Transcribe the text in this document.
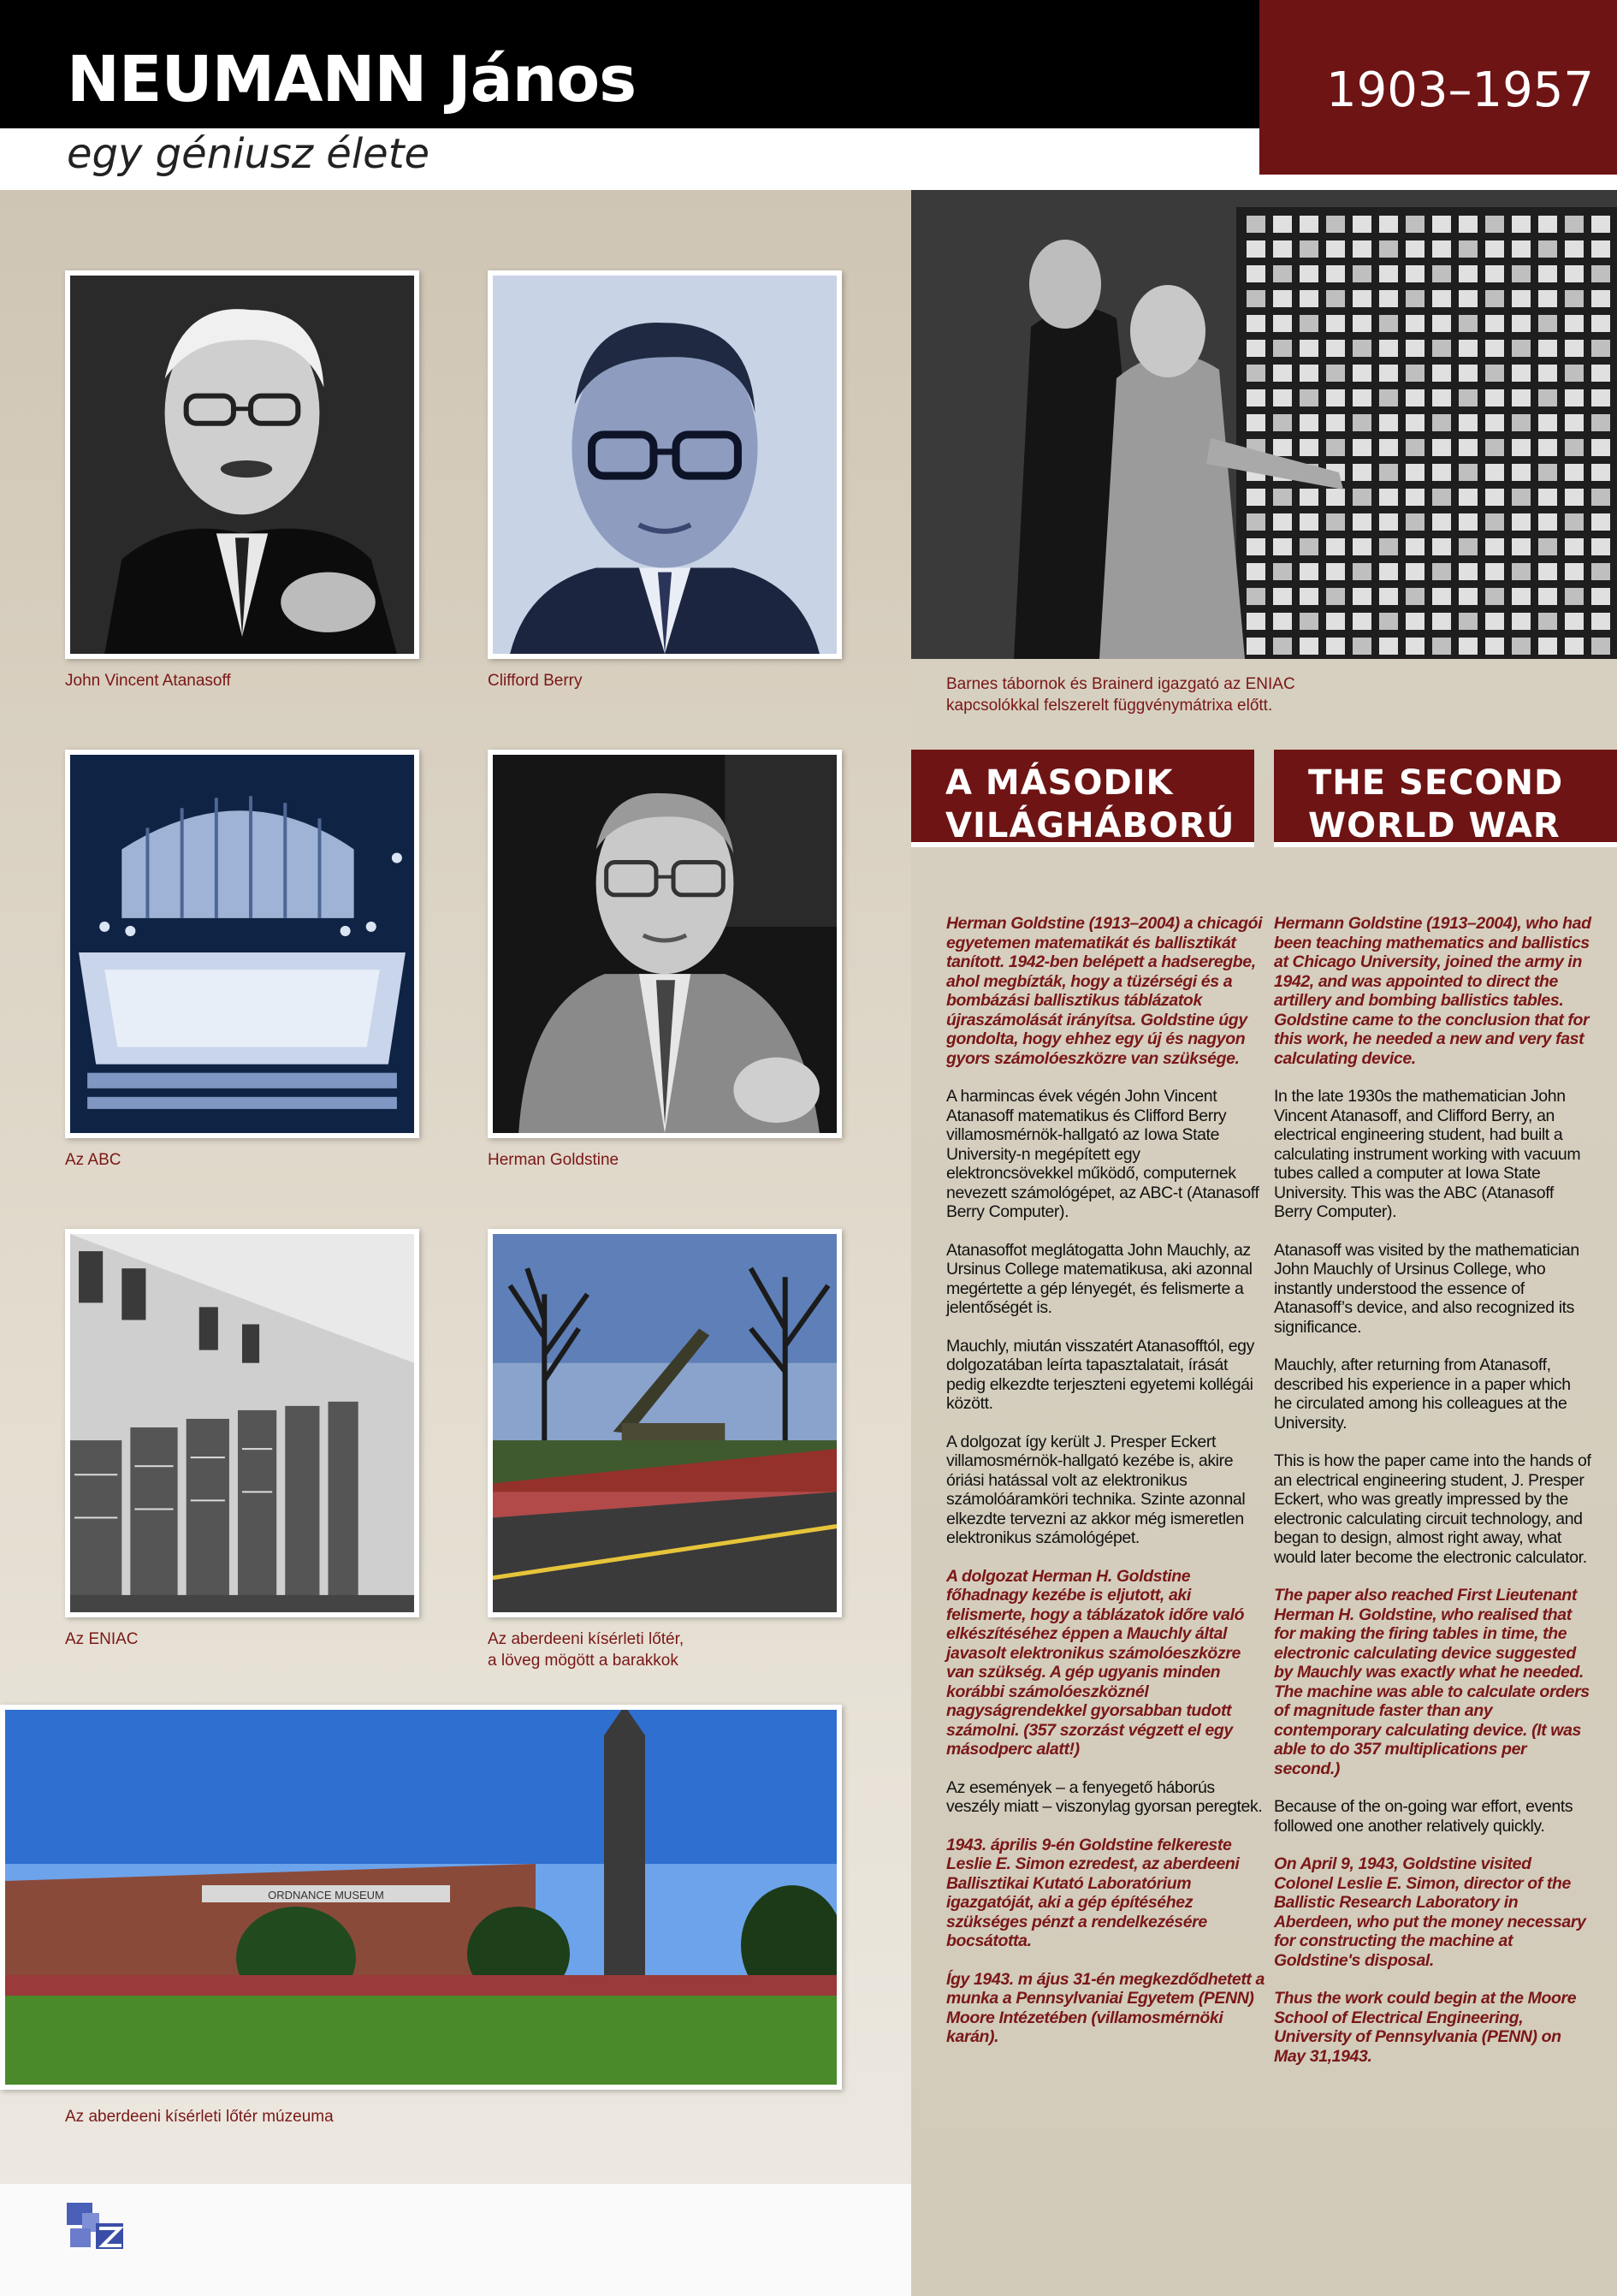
NEUMANN János

egy géniusz élete

1903–1957

John Vincent Atanasoff	Clifford Berry

Az ABC	Herman Goldstine

Az ENIAC	Az aberdeeni kísérleti lőtér,
a löveg mögött a barakkok

ORDNANCE MUSEUM

Az aberdeeni kísérleti lőtér múzeuma

Barnes tábornok és Brainerd igazgató az ENIAC
kapcsolókkal felszerelt függvénymátrixa előtt.

A MÁSODIK
VILÁGHÁBORÚ
THE SECOND
WORLD WAR

Herman Goldstine (1913–2004) a chicagói egyetemen matematikát és ballisztikát tanított. 1942-ben belépett a hadseregbe, ahol megbízták, hogy a tüzérségi és a bombázási ballisztikus táblázatok újraszámolását irányítsa. Goldstine úgy gondolta, hogy ehhez egy új és nagyon gyors számolóeszközre van szüksége.

A harmincas évek végén John Vincent Atanasoff matematikus és Clifford Berry villamosmérnök-hallgató az Iowa State University-n megépített egy elektroncsövekkel működő, computernek nevezett számológépet, az ABC-t (Atanasoff Berry Computer).

Atanasoffot meglátogatta John Mauchly, az Ursinus College matematikusa, aki azonnal megértette a gép lényegét, és felismerte a jelentőségét is.

Mauchly, miután visszatért Atanasofftól, egy dolgozatában leírta tapasztalatait, írását pedig elkezdte terjeszteni egyetemi kollégái között.

A dolgozat így került J. Presper Eckert villamosmérnök-hallgató kezébe is, akire óriási hatással volt az elektronikus számolóáramköri technika. Szinte azonnal elkezdte tervezni az akkor még ismeretlen elektronikus számológépet.

A dolgozat Herman H. Goldstine főhadnagy kezébe is eljutott, aki felismerte, hogy a táblázatok időre való elkészítéséhez éppen a Mauchly által javasolt elektronikus számolóeszközre van szükség. A gép ugyanis minden korábbi számolóeszköznél nagyságrendekkel gyorsabban tudott számolni. (357 szorzást végzett el egy másodperc alatt!)

Az események – a fenyegető háborús veszély miatt – viszonylag gyorsan peregtek.

1943. április 9-én Goldstine felkereste Leslie E. Simon ezredest, az aberdeeni Ballisztikai Kutató Laboratórium igazgatóját, aki a gép építéséhez szükséges pénzt a rendelkezésére bocsátotta.

Így 1943. m ájus 31-én megkezdődhetett a munka a Pennsylvaniai Egyetem (PENN) Moore Intézetében (villamosmérnöki karán).

Hermann Goldstine (1913–2004), who had been teaching mathematics and ballistics at Chicago University, joined the army in 1942, and was appointed to direct the artillery and bombing ballistics tables. Goldstine came to the conclusion that for this work, he needed a new and very fast calculating device.

In the late 1930s the mathematician John Vincent Atanasoff, and Clifford Berry, an electrical engineering student, had built a calculating instrument working with vacuum tubes called a computer at Iowa State University. This was the ABC (Atanasoff Berry Computer).

Atanasoff was visited by the mathematician John Mauchly of Ursinus College, who instantly understood the essence of Atanasoff’s device, and also recognized its significance.

Mauchly, after returning from Atanasoff, described his experience in a paper which he circulated among his colleagues at the University.

This is how the paper came into the hands of an electrical engineering student, J. Presper Eckert, who was greatly impressed by the electronic calculating circuit technology, and began to design, almost right away, what would later become the electronic calculator.

The paper also reached First Lieutenant Herman H. Goldstine, who realised that for making the firing tables in time, the electronic calculating device suggested by Mauchly was exactly what he needed. The machine was able to calculate orders of magnitude faster than any contemporary calculating device. (It was able to do 357 multiplications per second.)

Because of the on-going war effort, events followed one another relatively quickly.

On April 9, 1943, Goldstine visited Colonel Leslie E. Simon, director of the Ballistic Research Laboratory in Aberdeen, who put the money necessary for constructing the machine at Goldstine's disposal.

Thus the work could begin at the Moore School of Electrical Engineering, University of Pennsylvania (PENN) on May 31,1943.
